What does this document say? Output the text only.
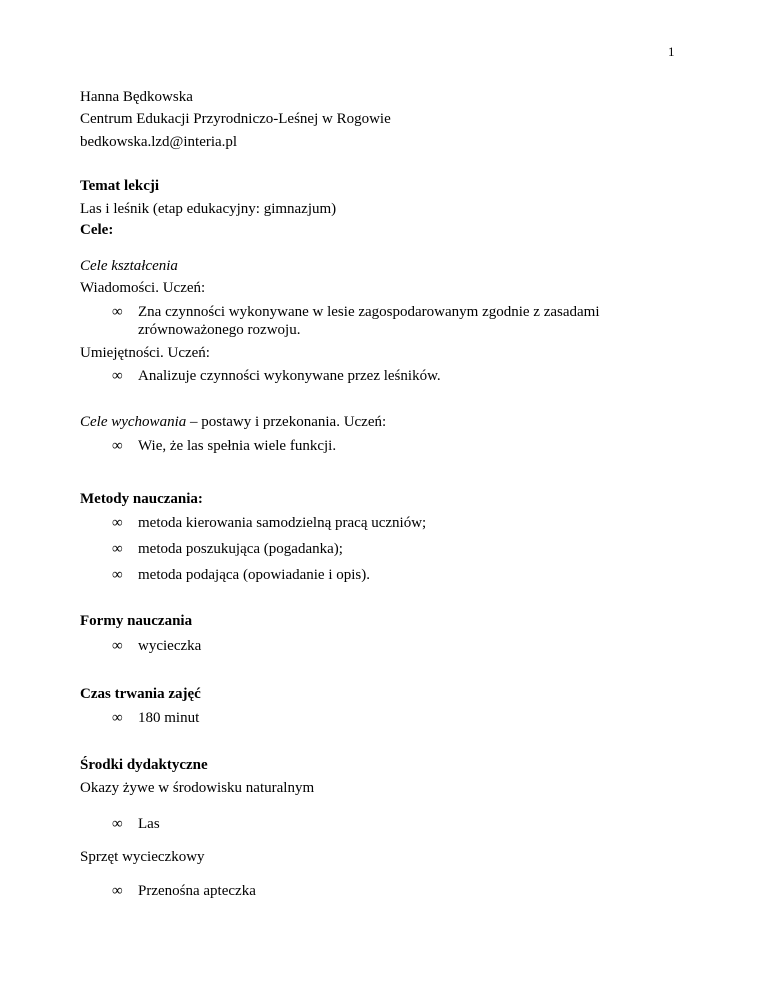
1
Hanna Będkowska
Centrum Edukacji Przyrodniczo-Leśnej w Rogowie
bedkowska.lzd@interia.pl
Temat lekcji
Las i leśnik (etap edukacyjny: gimnazjum)
Cele:
Cele kształcenia
Wiadomości. Uczeń:
∞	Zna czynności wykonywane w lesie zagospodarowanym zgodnie z zasadami
zrównoważonego rozwoju.
Umiejętności. Uczeń:
∞	Analizuje czynności wykonywane przez leśników.
Cele wychowania – postawy i przekonania. Uczeń:
∞	Wie, że las spełnia wiele funkcji.
Metody nauczania:
∞	metoda kierowania samodzielną pracą uczniów;
∞	metoda poszukująca (pogadanka);
∞	metoda podająca (opowiadanie i opis).
Formy nauczania
∞	wycieczka
Czas trwania zajęć
∞	180 minut
Środki dydaktyczne
Okazy żywe w środowisku naturalnym
∞	Las
Sprzęt wycieczkowy
∞	Przenośna apteczka
